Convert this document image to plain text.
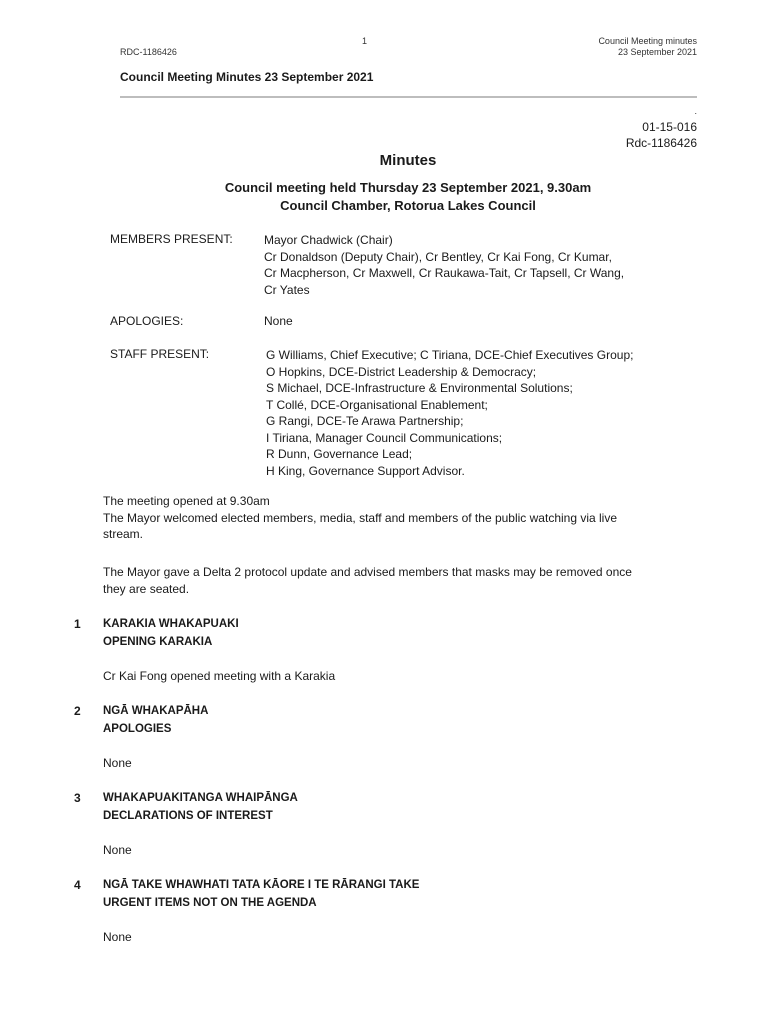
1
RDC-1186426
Council Meeting minutes
23 September 2021
Council Meeting Minutes 23 September 2021
.
01-15-016
Rdc-1186426
Minutes
Council meeting held Thursday 23 September 2021, 9.30am
Council Chamber, Rotorua Lakes Council
MEMBERS PRESENT:	Mayor Chadwick (Chair)
Cr Donaldson (Deputy Chair), Cr Bentley, Cr Kai Fong, Cr Kumar,
Cr Macpherson, Cr Maxwell, Cr Raukawa-Tait, Cr Tapsell, Cr Wang,
Cr Yates
APOLOGIES:	None
STAFF PRESENT:	G Williams, Chief Executive; C Tiriana, DCE-Chief Executives Group;
O Hopkins, DCE-District Leadership & Democracy;
S Michael, DCE-Infrastructure & Environmental Solutions;
T Collé, DCE-Organisational Enablement;
G Rangi, DCE-Te Arawa Partnership;
I Tiriana, Manager Council Communications;
R Dunn, Governance Lead;
H King, Governance Support Advisor.
The meeting opened at 9.30am
The Mayor welcomed elected members, media, staff and members of the public watching via live
stream.
The Mayor gave a Delta 2 protocol update and advised members that masks may be removed once
they are seated.
1 KARAKIA WHAKAPUAKI
OPENING KARAKIA
Cr Kai Fong opened meeting with a Karakia
2 NGĀ WHAKAPĀHA
APOLOGIES
None
3 WHAKAPUAKITANGA WHAIPĀNGA
DECLARATIONS OF INTEREST
None
4 NGĀ TAKE WHAWHATI TATA KĀORE I TE RĀRANGI TAKE
URGENT ITEMS NOT ON THE AGENDA
None
